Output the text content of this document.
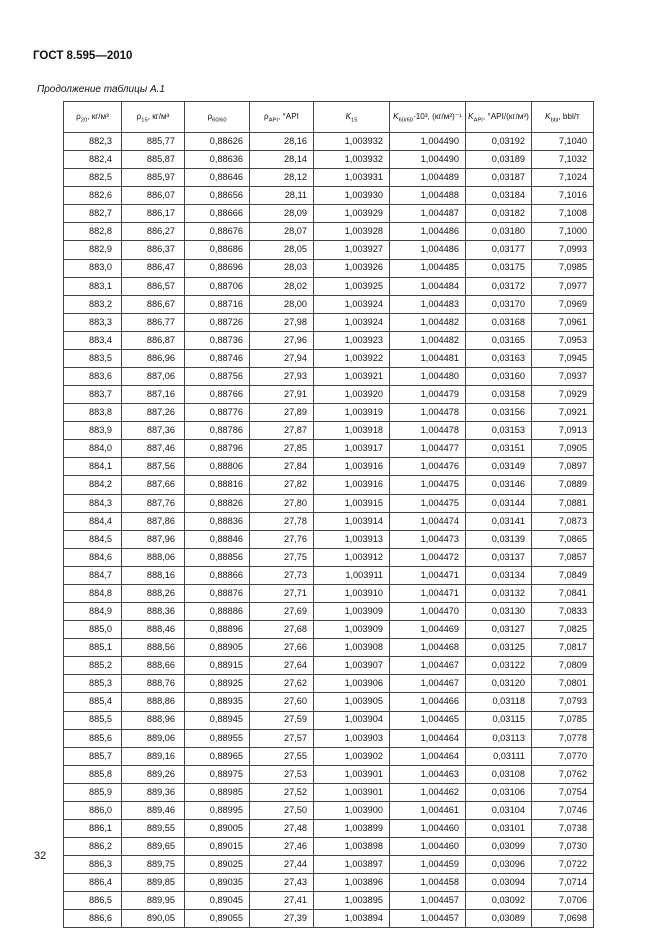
ГОСТ 8.595—2010
Продолжение таблицы А.1
$\rho_{20}$, кг/м³	$\rho_{15}$, кг/м³	$\rho_{60/60}$	$\rho_{API}$, °API	$K_{15}$	$K_{60/60}\cdot 10^3$, (кг/м³)⁻¹	$K_{API}$, °API/(кг/м³)	$K_{bbl}$, bbl/т
882,3	885,77	0,88626	28,16	1,003932	1,004490	0,03192	7,1040
882,4	885,87	0,88636	28,14	1,003932	1,004490	0,03189	7,1032
882,5	885,97	0,88646	28,12	1,003931	1,004489	0,03187	7,1024
882,6	886,07	0,88656	28,11	1,003930	1,004488	0,03184	7,1016
882,7	886,17	0,88666	28,09	1,003929	1,004487	0,03182	7,1008
882,8	886,27	0,88676	28,07	1,003928	1,004486	0,03180	7,1000
882,9	886,37	0,88686	28,05	1,003927	1,004486	0,03177	7,0993
883,0	886,47	0,88696	28,03	1,003926	1,004485	0,03175	7,0985
883,1	886,57	0,88706	28,02	1,003925	1,004484	0,03172	7,0977
883,2	886,67	0,88716	28,00	1,003924	1,004483	0,03170	7,0969
883,3	886,77	0,88726	27,98	1,003924	1,004482	0,03168	7,0961
883,4	886,87	0,88736	27,96	1,003923	1,004482	0,03165	7,0953
883,5	886,96	0,88746	27,94	1,003922	1,004481	0,03163	7,0945
883,6	887,06	0,88756	27,93	1,003921	1,004480	0,03160	7,0937
883,7	887,16	0,88766	27,91	1,003920	1,004479	0,03158	7,0929
883,8	887,26	0,88776	27,89	1,003919	1,004478	0,03156	7,0921
883,9	887,36	0,88786	27,87	1,003918	1,004478	0,03153	7,0913
884,0	887,46	0,88796	27,85	1,003917	1,004477	0,03151	7,0905
884,1	887,56	0,88806	27,84	1,003916	1,004476	0,03149	7,0897
884,2	887,66	0,88816	27,82	1,003916	1,004475	0,03146	7,0889
884,3	887,76	0,88826	27,80	1,003915	1,004475	0,03144	7,0881
884,4	887,86	0,88836	27,78	1,003914	1,004474	0,03141	7,0873
884,5	887,96	0,88846	27,76	1,003913	1,004473	0,03139	7,0865
884,6	888,06	0,88856	27,75	1,003912	1,004472	0,03137	7,0857
884,7	888,16	0,88866	27,73	1,003911	1,004471	0,03134	7,0849
884,8	888,26	0,88876	27,71	1,003910	1,004471	0,03132	7,0841
884,9	888,36	0,88886	27,69	1,003909	1,004470	0,03130	7,0833
885,0	888,46	0,88896	27,68	1,003909	1,004469	0,03127	7,0825
885,1	888,56	0,88905	27,66	1,003908	1,004468	0,03125	7,0817
885,2	888,66	0,88915	27,64	1,003907	1,004467	0,03122	7,0809
885,3	888,76	0,88925	27,62	1,003906	1,004467	0,03120	7,0801
885,4	888,86	0,88935	27,60	1,003905	1,004466	0,03118	7,0793
885,5	888,96	0,88945	27,59	1,003904	1,004465	0,03115	7,0785
885,6	889,06	0,88955	27,57	1,003903	1,004464	0,03113	7,0778
885,7	889,16	0,88965	27,55	1,003902	1,004464	0,03111	7,0770
885,8	889,26	0,88975	27,53	1,003901	1,004463	0,03108	7,0762
885,9	889,36	0,88985	27,52	1,003901	1,004462	0,03106	7,0754
886,0	889,46	0,88995	27,50	1,003900	1,004461	0,03104	7,0746
886,1	889,55	0,89005	27,48	1,003899	1,004460	0,03101	7,0738
886,2	889,65	0,89015	27,46	1,003898	1,004460	0,03099	7,0730
886,3	889,75	0,89025	27,44	1,003897	1,004459	0,03096	7,0722
886,4	889,85	0,89035	27,43	1,003896	1,004458	0,03094	7,0714
886,5	889,95	0,89045	27,41	1,003895	1,004457	0,03092	7,0706
886,6	890,05	0,89055	27,39	1,003894	1,004457	0,03089	7,0698
32
